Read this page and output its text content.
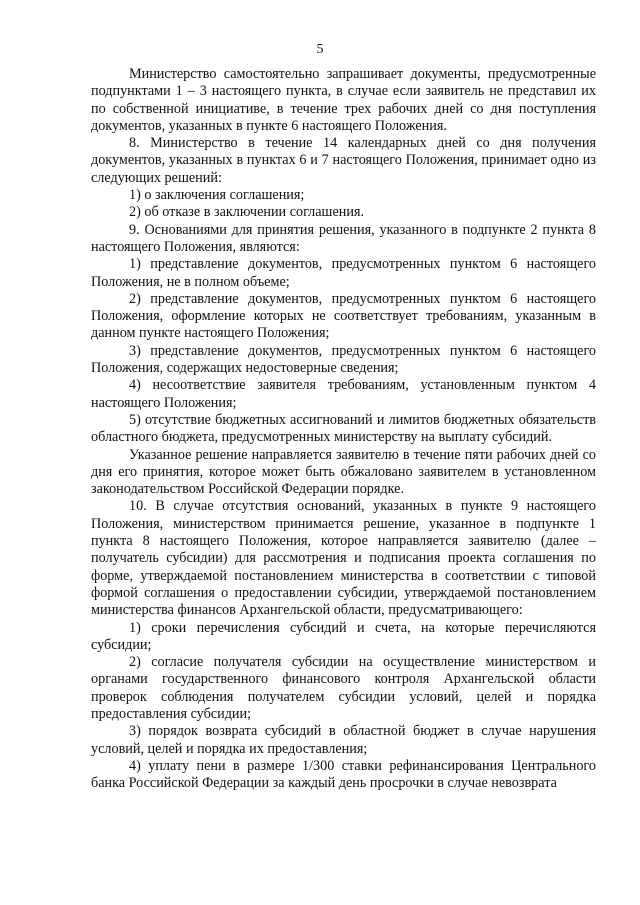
5

Министерство самостоятельно запрашивает документы, предусмотренные подпунктами 1 – 3 настоящего пункта, в случае если заявитель не представил их по собственной инициативе, в течение трех рабочих дней со дня поступления документов, указанных в пункте 6 настоящего Положения.

8. Министерство в течение 14 календарных дней со дня получения документов, указанных в пунктах 6 и 7 настоящего Положения, принимает одно из следующих решений:

1) о заключения соглашения;

2) об отказе в заключении соглашения.

9. Основаниями для принятия решения, указанного в подпункте 2 пункта 8 настоящего Положения, являются:

1) представление документов, предусмотренных пунктом 6 настоящего Положения, не в полном объеме;

2) представление документов, предусмотренных пунктом 6 настоящего Положения, оформление которых не соответствует требованиям, указанным в данном пункте настоящего Положения;

3) представление документов, предусмотренных пунктом 6 настоящего Положения, содержащих недостоверные сведения;

4) несоответствие заявителя требованиям, установленным пунктом 4 настоящего Положения;

5) отсутствие бюджетных ассигнований и лимитов бюджетных обязательств областного бюджета, предусмотренных министерству на выплату субсидий.

Указанное решение направляется заявителю в течение пяти рабочих дней со дня его принятия, которое может быть обжаловано заявителем в установленном законодательством Российской Федерации порядке.

10. В случае отсутствия оснований, указанных в пункте 9 настоящего Положения, министерством принимается решение, указанное в подпункте 1 пункта 8 настоящего Положения, которое направляется заявителю (далее – получатель субсидии) для рассмотрения и подписания проекта соглашения по форме, утверждаемой постановлением министерства в соответствии с типовой формой соглашения о предоставлении субсидии, утверждаемой постановлением министерства финансов Архангельской области, предусматривающего:

1) сроки перечисления субсидий и счета, на которые перечисляются субсидии;

2) согласие получателя субсидии на осуществление министерством и органами государственного финансового контроля Архангельской области проверок соблюдения получателем субсидии условий, целей и порядка предоставления субсидии;

3) порядок возврата субсидий в областной бюджет в случае нарушения условий, целей и порядка их предоставления;

4) уплату пени в размере 1/300 ставки рефинансирования Центрального банка Российской Федерации за каждый день просрочки в случае невозврата
